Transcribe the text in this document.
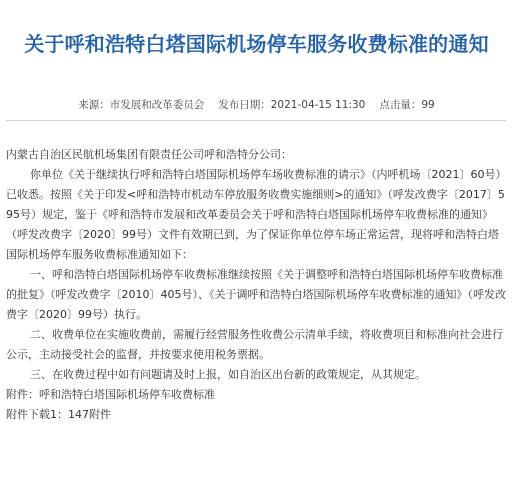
关于呼和浩特白塔国际机场停车服务收费标准的通知
来源：市发展和改革委员会 发布日期：2021-04-15 11:30 点击量：99

内蒙古自治区民航机场集团有限责任公司呼和浩特分公司：

你单位《关于继续执行呼和浩特白塔国际机场停车场收费标准的请示》（内呼机场〔2021〕60号）已收悉。按照《关于印发<呼和浩特市机动车停放服务收费实施细则>的通知》（呼发改费字〔2017〕595号）规定，鉴于《呼和浩特市发展和改革委员会关于呼和浩特白塔国际机场停车收费标准的通知》（呼发改费字〔2020〕99号）文件有效期已到，为了保证你单位停车场正常运营，现将呼和浩特白塔国际机场停车服务收费标准通知如下：

一、呼和浩特白塔国际机场停车收费标准继续按照《关于调整呼和浩特白塔国际机场停车收费标准的批复》（呼发改费字〔2010〕405号）、《关于调呼和浩特白塔国际机场停车收费标准的通知》（呼发改费字〔2020〕99号）执行。

二、收费单位在实施收费前，需履行经营服务性收费公示清单手续，将收费项目和标准向社会进行公示，主动接受社会的监督，并按要求使用税务票据。

三、在收费过程中如有问题请及时上报，如自治区出台新的政策规定，从其规定。

附件：呼和浩特白塔国际机场停车收费标准

附件下载1：147附件
